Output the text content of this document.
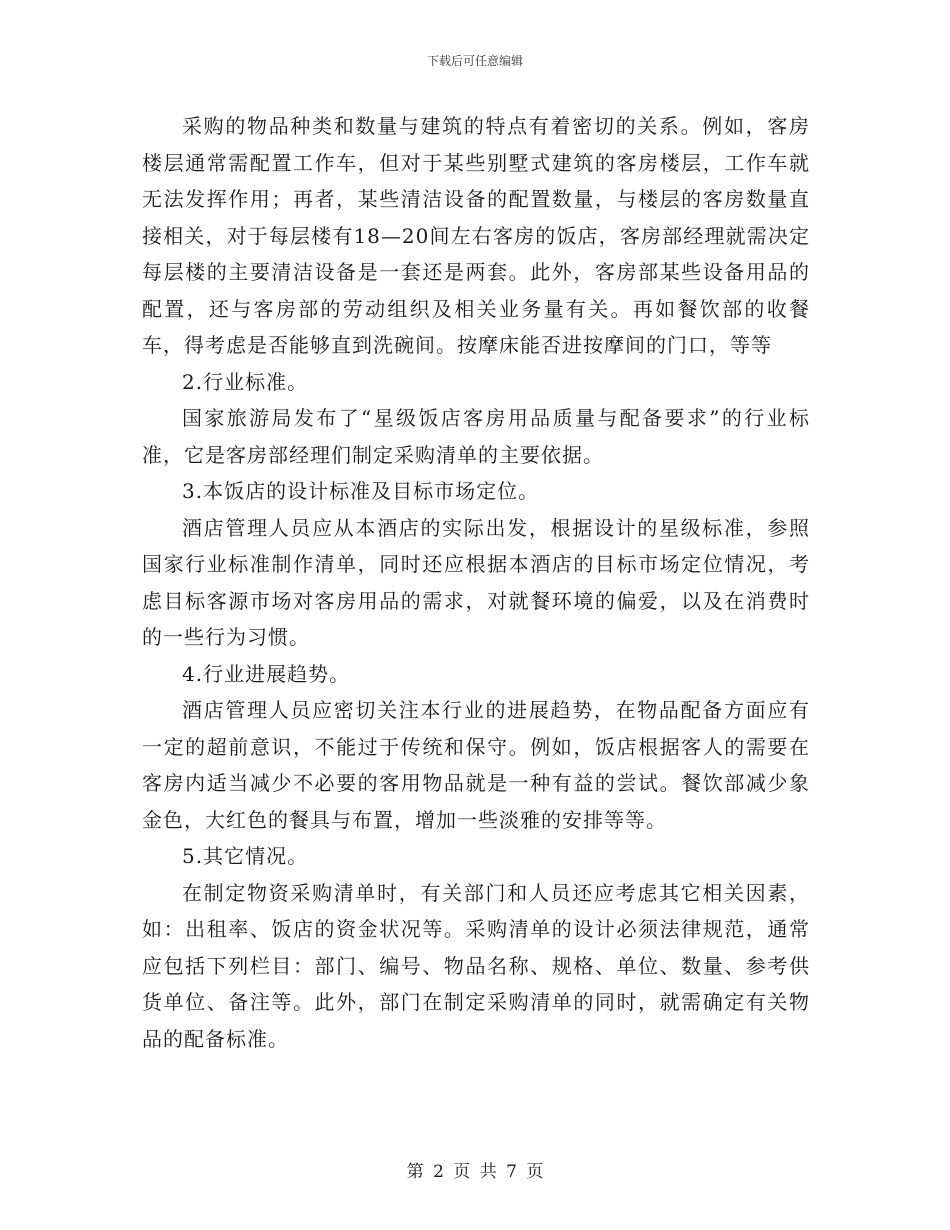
下载后可任意编辑

采购的物品种类和数量与建筑的特点有着密切的关系。例如，客房楼层通常需配置工作车，但对于某些别墅式建筑的客房楼层，工作车就无法发挥作用；再者，某些清洁设备的配置数量，与楼层的客房数量直接相关，对于每层楼有18—20间左右客房的饭店，客房部经理就需决定每层楼的主要清洁设备是一套还是两套。此外，客房部某些设备用品的配置，还与客房部的劳动组织及相关业务量有关。再如餐饮部的收餐车，得考虑是否能够直到洗碗间。按摩床能否进按摩间的门口，等等

2.行业标准。

国家旅游局发布了“星级饭店客房用品质量与配备要求”的行业标准，它是客房部经理们制定采购清单的主要依据。

3.本饭店的设计标准及目标市场定位。

酒店管理人员应从本酒店的实际出发，根据设计的星级标准，参照国家行业标准制作清单，同时还应根据本酒店的目标市场定位情况，考虑目标客源市场对客房用品的需求，对就餐环境的偏爱，以及在消费时的一些行为习惯。

4.行业进展趋势。

酒店管理人员应密切关注本行业的进展趋势，在物品配备方面应有一定的超前意识，不能过于传统和保守。例如，饭店根据客人的需要在客房内适当减少不必要的客用物品就是一种有益的尝试。餐饮部减少象金色，大红色的餐具与布置，增加一些淡雅的安排等等。

5.其它情况。

在制定物资采购清单时，有关部门和人员还应考虑其它相关因素，如：出租率、饭店的资金状况等。采购清单的设计必须法律规范，通常应包括下列栏目：部门、编号、物品名称、规格、单位、数量、参考供货单位、备注等。此外，部门在制定采购清单的同时，就需确定有关物品的配备标准。

第 2 页 共 7 页
